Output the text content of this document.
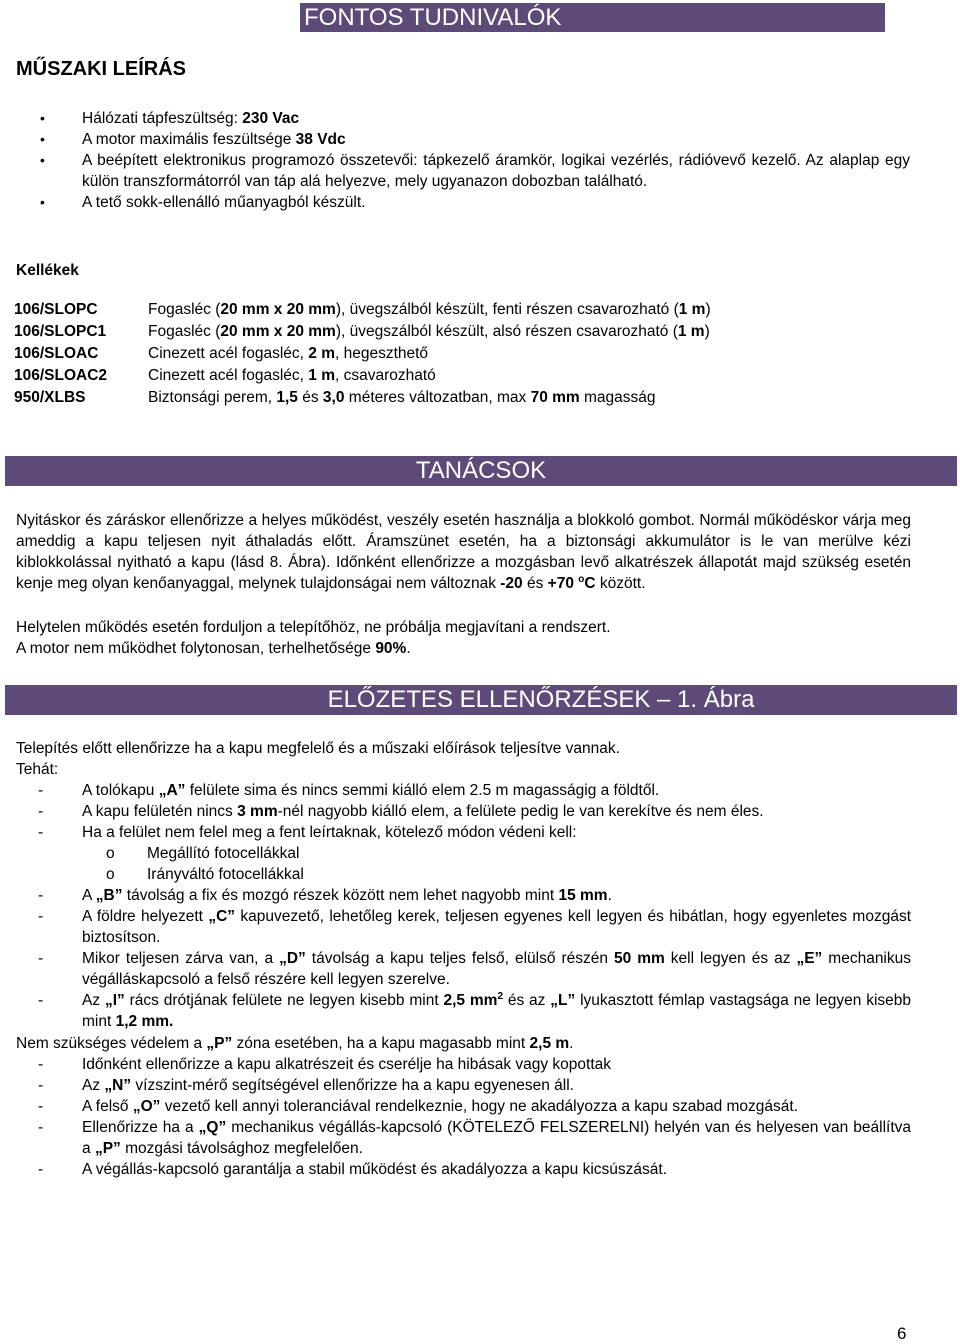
FONTOS TUDNIVALÓK
MŰSZAKI LEÍRÁS
• Hálózati tápfeszültség: 230 Vac
• A motor maximális feszültsége 38 Vdc
• A beépített elektronikus programozó összetevői: tápkezelő áramkör, logikai vezérlés, rádióvevő kezelő. Az alaplap egy külön transzformátorról van táp alá helyezve, mely ugyanazon dobozban található.
• A tető sokk-ellenálló műanyagból készült.
Kellékek
106/SLOPC	Fogasléc (20 mm x 20 mm), üvegszálból készült, fenti részen csavarozható (1 m)
106/SLOPC1	Fogasléc (20 mm x 20 mm), üvegszálból készült, alsó részen csavarozható (1 m)
106/SLOAC	Cinezett acél fogasléc, 2 m, hegeszthető
106/SLOAC2	Cinezett acél fogasléc, 1 m, csavarozható
950/XLBS	Biztonsági perem, 1,5 és 3,0 méteres változatban, max 70 mm magasság
TANÁCSOK

Nyitáskor és záráskor ellenőrizze a helyes működést, veszély esetén használja a blokkoló gombot. Normál működéskor várja meg ameddig a kapu teljesen nyit áthaladás előtt. Áramszünet esetén, ha a biztonsági akkumulátor is le van merülve kézi kiblokkolással nyitható a kapu (lásd 8. Ábra). Időnként ellenőrizze a mozgásban levő alkatrészek állapotát majd szükség esetén kenje meg olyan kenőanyaggal, melynek tulajdonságai nem változnak -20 és +70 $^o$C között.

Helytelen működés esetén forduljon a telepítőhöz, ne próbálja megjavítani a rendszert.

A motor nem működhet folytonosan, terhelhetősége 90%.

ELŐZETES ELLENŐRZÉSEK – 1. Ábra

Telepítés előtt ellenőrizze ha a kapu megfelelő és a műszaki előírások teljesítve vannak.

Tehát:

- A tolókapu „A” felülete sima és nincs semmi kiálló elem 2.5 m magasságig a földtől.
- A kapu felületén nincs 3 mm-nél nagyobb kiálló elem, a felülete pedig le van kerekítve és nem éles.
- Ha a felület nem felel meg a fent leírtaknak, kötelező módon védeni kell:
o Megállító fotocellákkal
o Irányváltó fotocellákkal
- A „B” távolság a fix és mozgó részek között nem lehet nagyobb mint 15 mm.
- A földre helyezett „C” kapuvezető, lehetőleg kerek, teljesen egyenes kell legyen és hibátlan, hogy egyenletes mozgást biztosítson.
- Mikor teljesen zárva van, a „D” távolság a kapu teljes felső, elülső részén 50 mm kell legyen és az „E” mechanikus végálláskapcsoló a felső részére kell legyen szerelve.
- Az „I” rács drótjának felülete ne legyen kisebb mint 2,5 $mm^2$ és az „L” lyukasztott fémlap vastagsága ne legyen kisebb mint 1,2 mm.

Nem szükséges védelem a „P” zóna esetében, ha a kapu magasabb mint 2,5 m.

- Időnként ellenőrizze a kapu alkatrészeit és cserélje ha hibásak vagy kopottak
- Az „N” vízszint-mérő segítségével ellenőrizze ha a kapu egyenesen áll.
- A felső „O” vezető kell annyi toleranciával rendelkeznie, hogy ne akadályozza a kapu szabad mozgását.
- Ellenőrizze ha a „Q” mechanikus végállás-kapcsoló (KÖTELEZŐ FELSZERELNI) helyén van és helyesen van beállítva a „P” mozgási távolsághoz megfelelően.
- A végállás-kapcsoló garantálja a stabil működést és akadályozza a kapu kicsúszását.
6
